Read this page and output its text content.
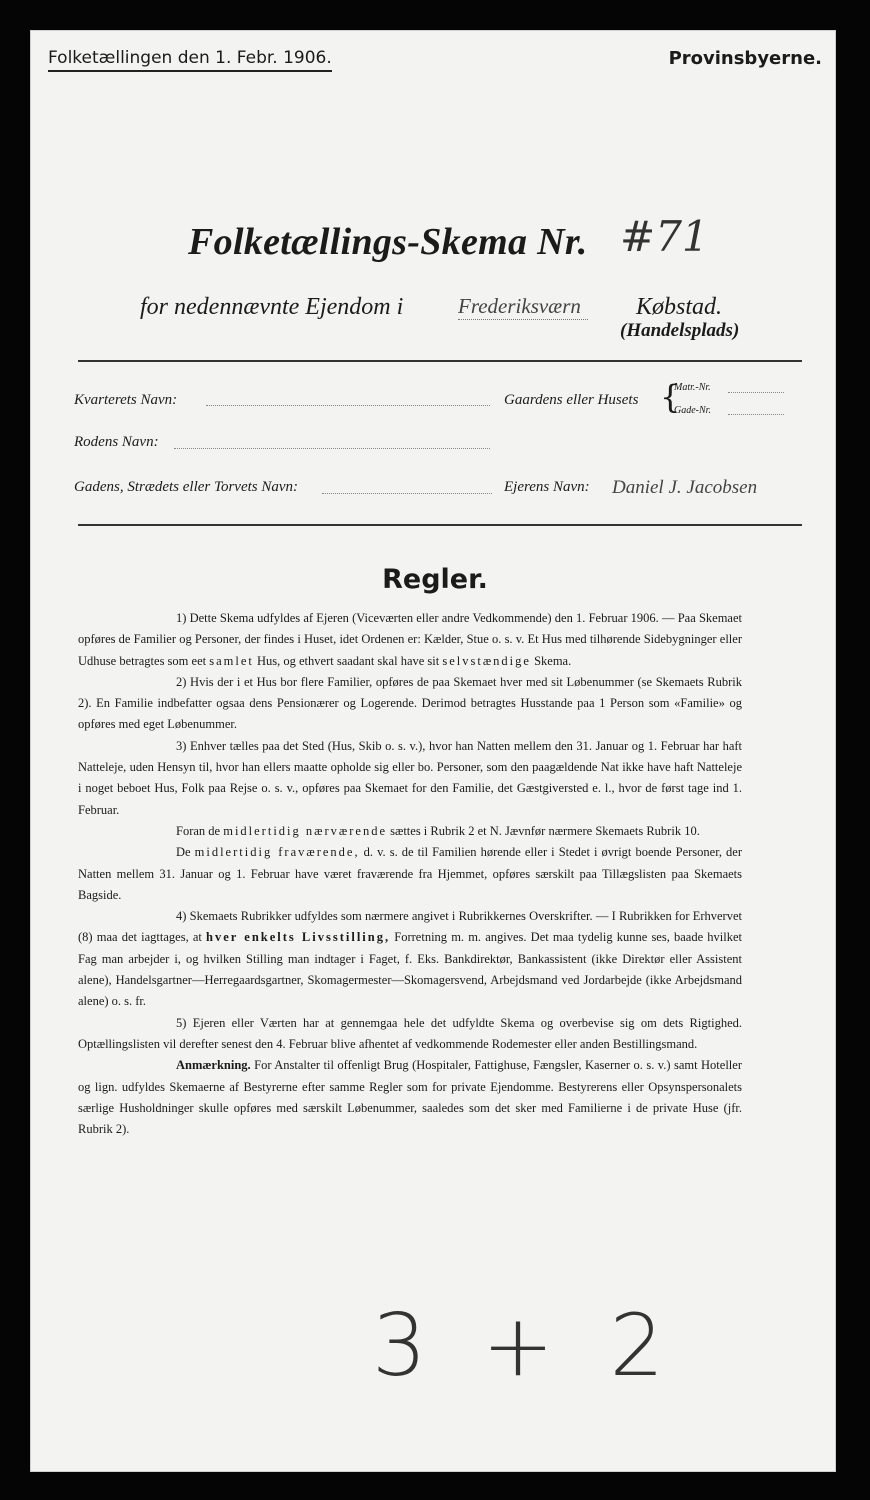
Folketællingen den 1. Febr. 1906.	Provinsbyerne.
Folketællings-Skema Nr. #71
for nedennævnte Ejendom i	Frederiksværn Købstad.
(Handelsplads)
Kvarterets Navn:	Gaardens eller Husets {
Matr.-Nr.
Gade-Nr.
Rodens Navn:
Gadens, Strædets eller Torvets Navn:	Ejerens Navn: Daniel J. Jacobsen
Regler.

1) Dette Skema udfyldes af Ejeren (Viceværten eller andre Vedkommende) den 1. Februar 1906. — Paa Skemaet opføres de Familier og Personer, der findes i Huset, idet Ordenen er: Kælder, Stue o. s. v. Et Hus med tilhørende Sidebygninger eller Udhuse betragtes som eet samlet Hus, og ethvert saadant skal have sit selvstændige Skema.

2) Hvis der i et Hus bor flere Familier, opføres de paa Skemaet hver med sit Løbenummer (se Skemaets Rubrik 2). En Familie indbefatter ogsaa dens Pensionærer og Logerende. Derimod betragtes Husstande paa 1 Person som «Familie» og opføres med eget Løbenummer.

3) Enhver tælles paa det Sted (Hus, Skib o. s. v.), hvor han Natten mellem den 31. Januar og 1. Februar har haft Natteleje, uden Hensyn til, hvor han ellers maatte opholde sig eller bo. Personer, som den paagældende Nat ikke have haft Natteleje i noget beboet Hus, Folk paa Rejse o. s. v., opføres paa Skemaet for den Familie, det Gæstgiversted e. l., hvor de først tage ind 1. Februar.

Foran de midlertidig nærværende sættes i Rubrik 2 et N. Jævnfør nærmere Skemaets Rubrik 10.

De midlertidig fraværende, d. v. s. de til Familien hørende eller i Stedet i øvrigt boende Personer, der Natten mellem 31. Januar og 1. Februar have været fraværende fra Hjemmet, opføres særskilt paa Tillægslisten paa Skemaets Bagside.

4) Skemaets Rubrikker udfyldes som nærmere angivet i Rubrikkernes Overskrifter. — I Rubrikken for Erhvervet (8) maa det iagttages, at hver enkelts Livsstilling, Forretning m. m. angives. Det maa tydelig kunne ses, baade hvilket Fag man arbejder i, og hvilken Stilling man indtager i Faget, f. Eks. Bankdirektør, Bankassistent (ikke Direktør eller Assistent alene), Handelsgartner—Herregaardsgartner, Skomagermester—Skomagersvend, Arbejdsmand ved Jordarbejde (ikke Arbejdsmand alene) o. s. fr.

5) Ejeren eller Værten har at gennemgaa hele det udfyldte Skema og overbevise sig om dets Rigtighed. Optællingslisten vil derefter senest den 4. Februar blive afhentet af vedkommende Rodemester eller anden Bestillingsmand.

Anmærkning. For Anstalter til offenligt Brug (Hospitaler, Fattighuse, Fængsler, Kaserner o. s. v.) samt Hoteller og lign. udfyldes Skemaerne af Bestyrerne efter samme Regler som for private Ejendomme. Bestyrerens eller Opsynspersonalets særlige Husholdninger skulle opføres med særskilt Løbenummer, saaledes som det sker med Familierne i de private Huse (jfr. Rubrik 2).

3 + 2
